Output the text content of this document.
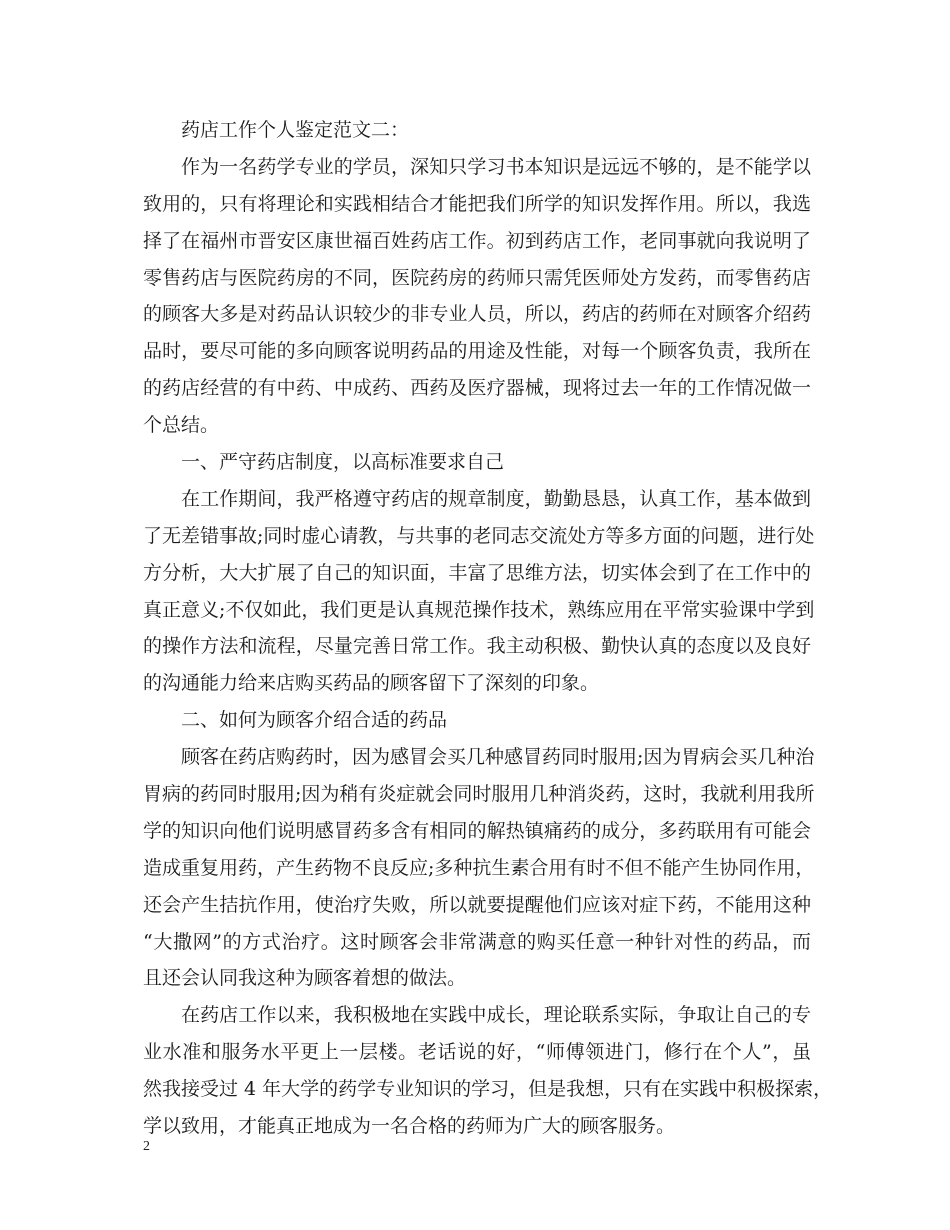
药店工作个人鉴定范文二：
作为一名药学专业的学员，深知只学习书本知识是远远不够的，是不能学以
致用的，只有将理论和实践相结合才能把我们所学的知识发挥作用。所以，我选
择了在福州市晋安区康世福百姓药店工作。初到药店工作，老同事就向我说明了
零售药店与医院药房的不同，医院药房的药师只需凭医师处方发药，而零售药店
的顾客大多是对药品认识较少的非专业人员，所以，药店的药师在对顾客介绍药
品时，要尽可能的多向顾客说明药品的用途及性能，对每一个顾客负责，我所在
的药店经营的有中药、中成药、西药及医疗器械，现将过去一年的工作情况做一
个总结。
一、严守药店制度，以高标准要求自己
在工作期间，我严格遵守药店的规章制度，勤勤恳恳，认真工作，基本做到
了无差错事故;同时虚心请教，与共事的老同志交流处方等多方面的问题，进行处
方分析，大大扩展了自己的知识面，丰富了思维方法，切实体会到了在工作中的
真正意义;不仅如此，我们更是认真规范操作技术，熟练应用在平常实验课中学到
的操作方法和流程，尽量完善日常工作。我主动积极、勤快认真的态度以及良好
的沟通能力给来店购买药品的顾客留下了深刻的印象。
二、如何为顾客介绍合适的药品
顾客在药店购药时，因为感冒会买几种感冒药同时服用;因为胃病会买几种治
胃病的药同时服用;因为稍有炎症就会同时服用几种消炎药，这时，我就利用我所
学的知识向他们说明感冒药多含有相同的解热镇痛药的成分，多药联用有可能会
造成重复用药，产生药物不良反应;多种抗生素合用有时不但不能产生协同作用，
还会产生拮抗作用，使治疗失败，所以就要提醒他们应该对症下药，不能用这种
“大撒网”的方式治疗。这时顾客会非常满意的购买任意一种针对性的药品，而
且还会认同我这种为顾客着想的做法。
在药店工作以来，我积极地在实践中成长，理论联系实际，争取让自己的专
业水准和服务水平更上一层楼。老话说的好，“师傅领进门，修行在个人”，虽
然我接受过 4 年大学的药学专业知识的学习，但是我想，只有在实践中积极探索，
学以致用，才能真正地成为一名合格的药师为广大的顾客服务。
2
